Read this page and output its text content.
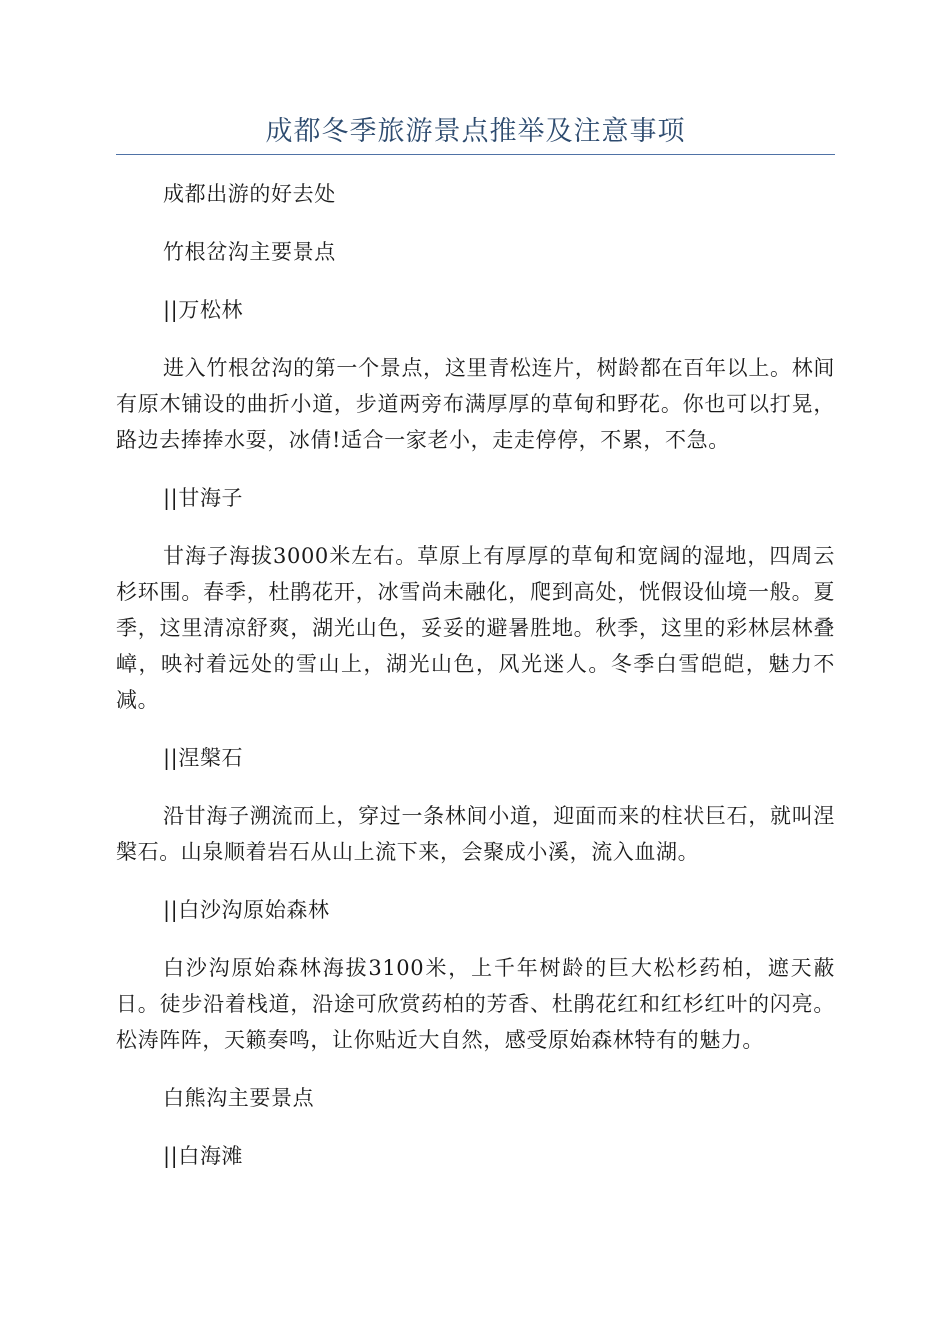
成都冬季旅游景点推举及注意事项

成都出游的好去处

竹根岔沟主要景点

||万松林

进入竹根岔沟的第一个景点，这里青松连片，树龄都在百年以上。林间有原木铺设的曲折小道，步道两旁布满厚厚的草甸和野花。你也可以打晃，路边去捧捧水耍，冰倩!适合一家老小，走走停停，不累，不急。

||甘海子

甘海子海拔3000米左右。草原上有厚厚的草甸和宽阔的湿地，四周云杉环围。春季，杜鹃花开，冰雪尚未融化，爬到高处，恍假设仙境一般。夏季，这里清凉舒爽，湖光山色，妥妥的避暑胜地。秋季，这里的彩林层林叠嶂，映衬着远处的雪山上，湖光山色，风光迷人。冬季白雪皑皑，魅力不减。

||涅槃石

沿甘海子溯流而上，穿过一条林间小道，迎面而来的柱状巨石，就叫涅槃石。山泉顺着岩石从山上流下来，会聚成小溪，流入血湖。

||白沙沟原始森林

白沙沟原始森林海拔3100米，上千年树龄的巨大松杉药柏，遮天蔽日。徒步沿着栈道，沿途可欣赏药柏的芳香、杜鹃花红和红杉红叶的闪亮。松涛阵阵，天籁奏鸣，让你贴近大自然，感受原始森林特有的魅力。

白熊沟主要景点

||白海滩
